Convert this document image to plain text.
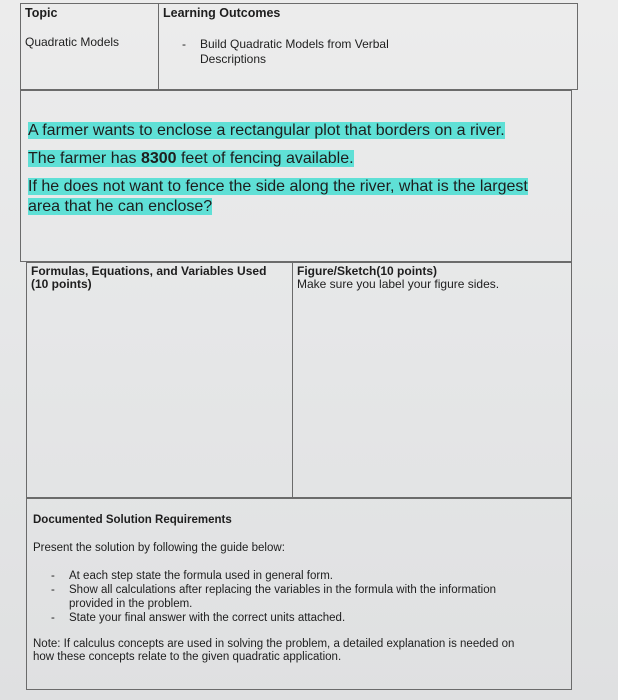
Topic
Quadratic Models
Learning Outcomes
- Build Quadratic Models from Verbal
Descriptions
A farmer wants to enclose a rectangular plot that borders on a river.
The farmer has 8300 feet of fencing available.
If he does not want to fence the side along the river, what is the largest
area that he can enclose?
Formulas, Equations, and Variables Used
(10 points)
Figure/Sketch(10 points)
Make sure you label your figure sides.
Documented Solution Requirements
Present the solution by following the guide below:
- At each step state the formula used in general form.
- Show all calculations after replacing the variables in the formula with the information
provided in the problem.
- State your final answer with the correct units attached.
Note: If calculus concepts are used in solving the problem, a detailed explanation is needed on
how these concepts relate to the given quadratic application.
